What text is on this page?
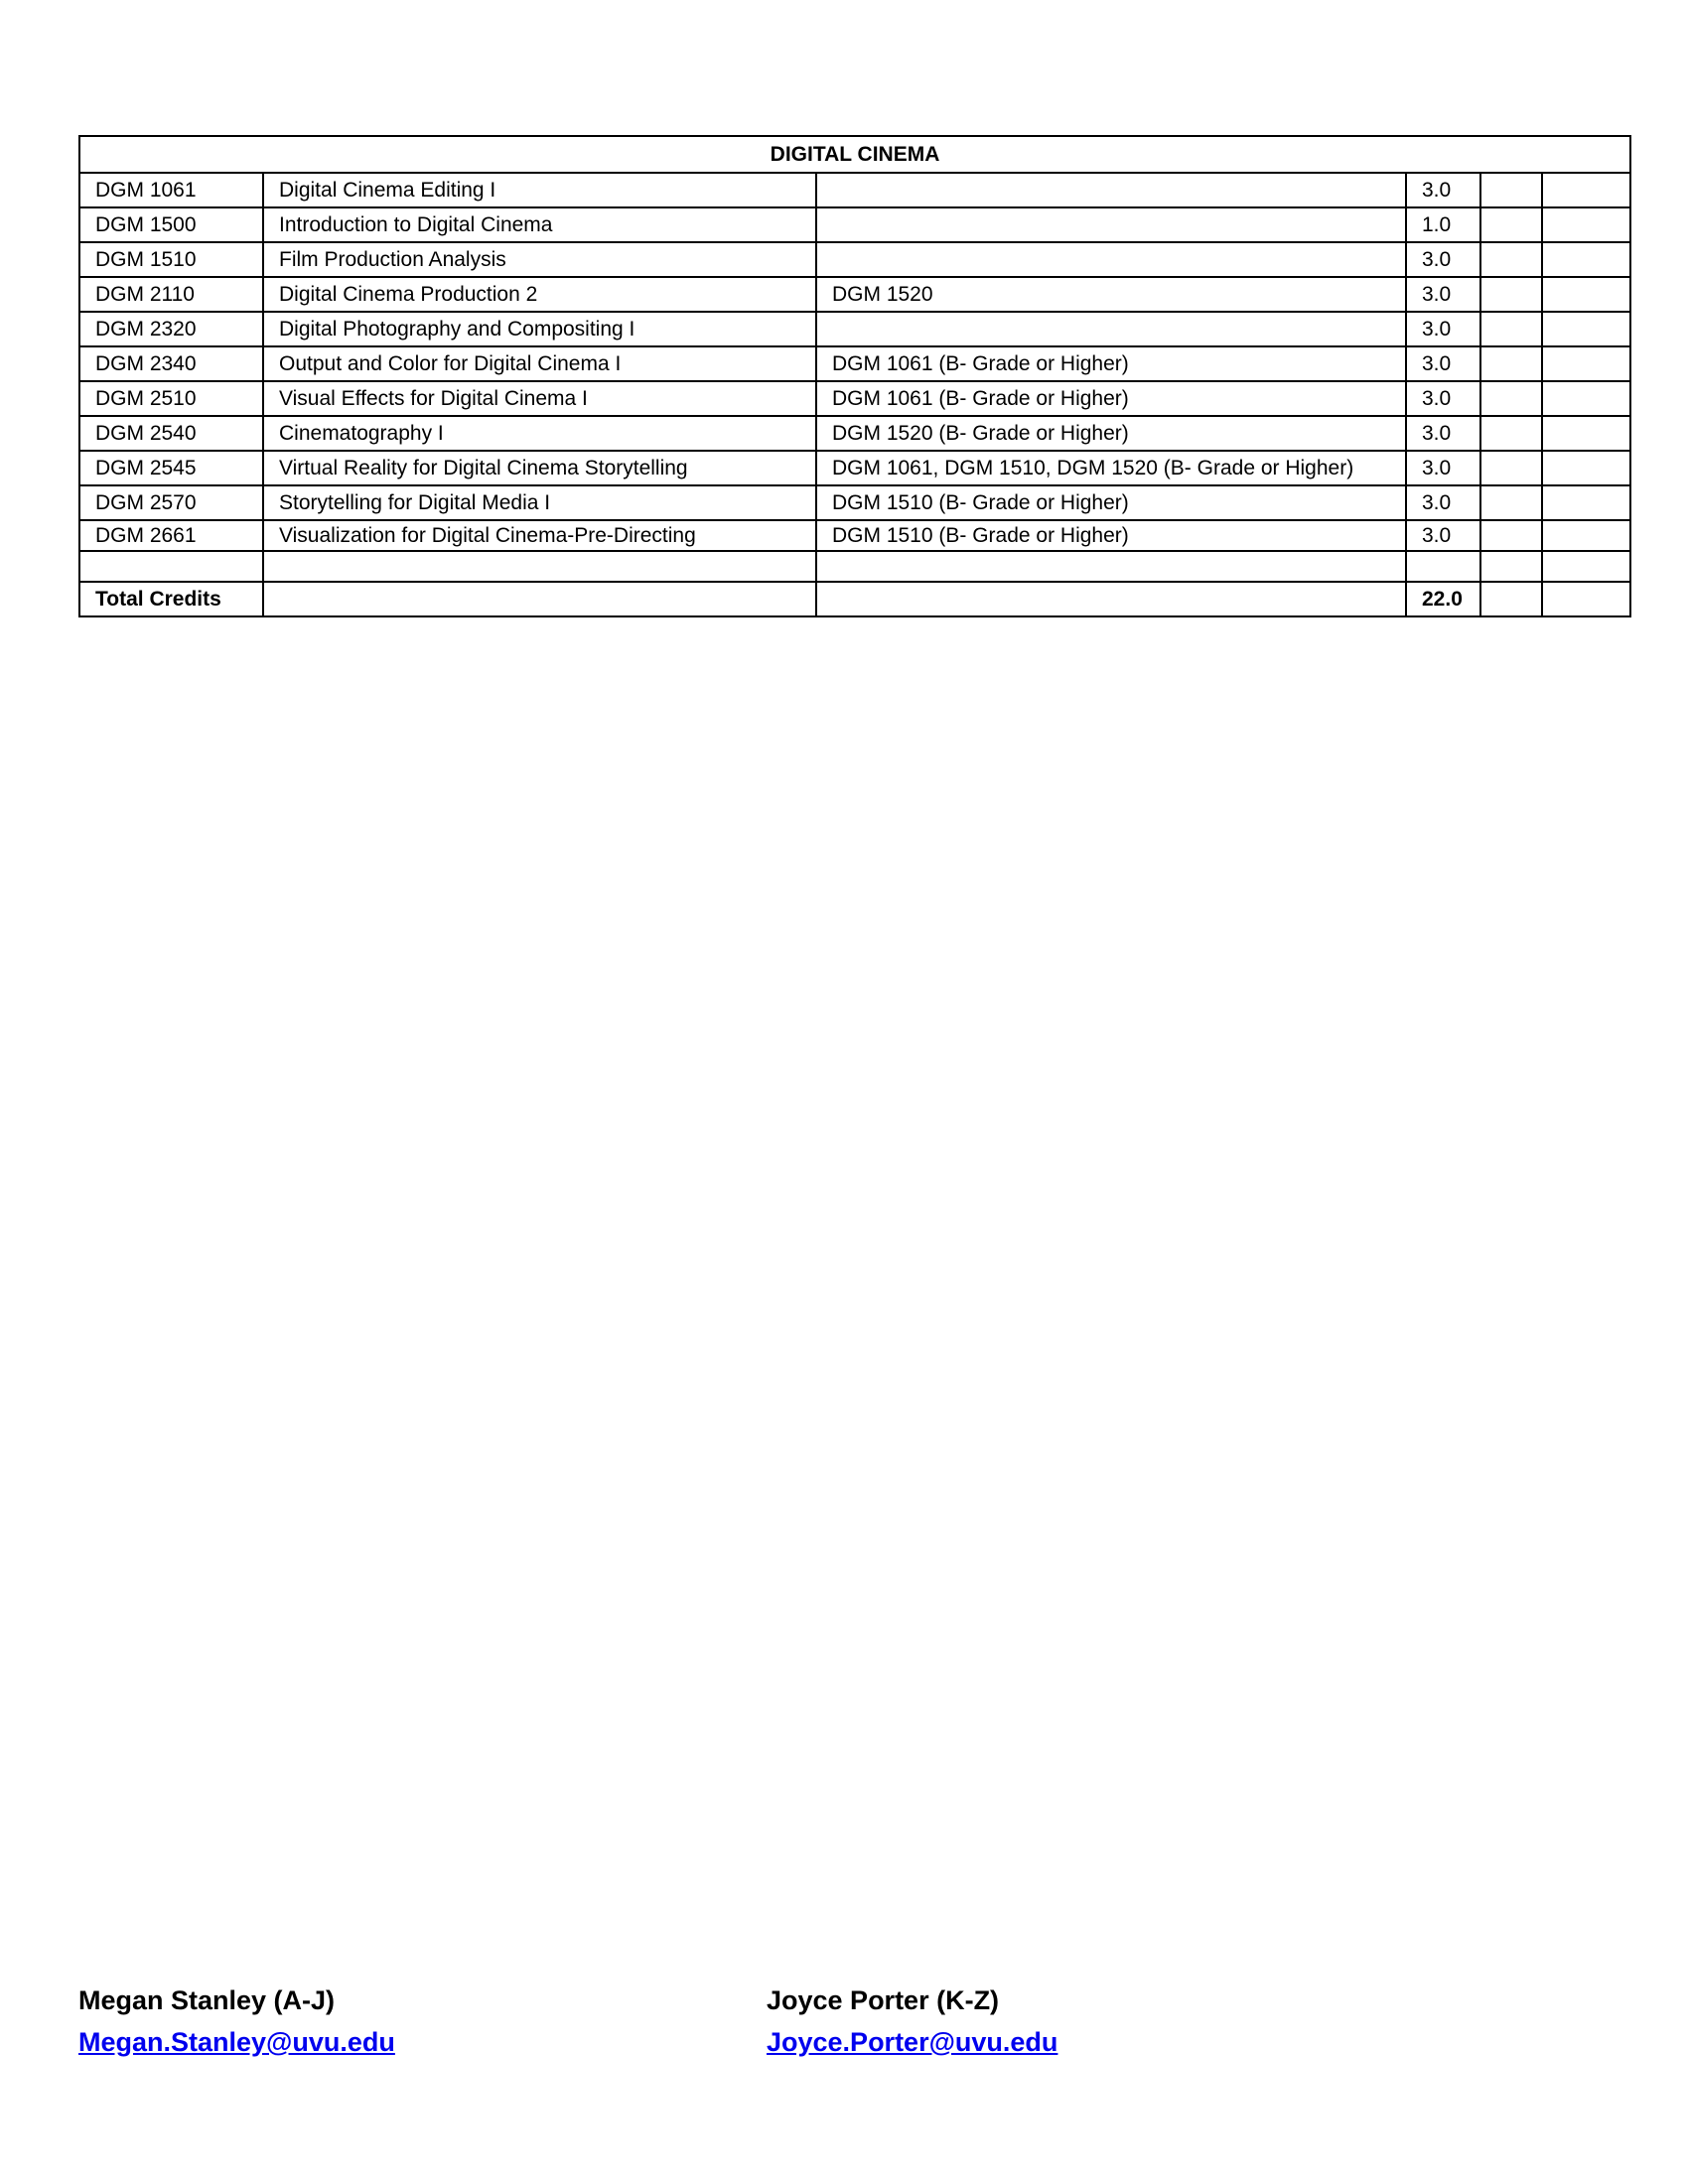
DIGITAL CINEMA					
DGM 1061	Digital Cinema Editing I		3.0		
DGM 1500	Introduction to Digital Cinema		1.0		
DGM 1510	Film Production Analysis		3.0		
DGM 2110	Digital Cinema Production 2	DGM 1520	3.0		
DGM 2320	Digital Photography and Compositing I		3.0		
DGM 2340	Output and Color for Digital Cinema I	DGM 1061 (B- Grade or Higher)	3.0		
DGM 2510	Visual Effects for Digital Cinema I	DGM 1061 (B- Grade or Higher)	3.0		
DGM 2540	Cinematography I	DGM 1520 (B- Grade or Higher)	3.0		
DGM 2545	Virtual Reality for Digital Cinema Storytelling	DGM 1061, DGM 1510, DGM 1520 (B- Grade or Higher)	3.0		
DGM 2570	Storytelling for Digital Media I	DGM 1510 (B- Grade or Higher)	3.0		
DGM 2661	Visualization for Digital Cinema-Pre-Directing	DGM 1510 (B- Grade or Higher)	3.0		

Total Credits			22.0		
Megan Stanley (A-J)
Megan.Stanley@uvu.edu
Joyce Porter (K-Z)
Joyce.Porter@uvu.edu
